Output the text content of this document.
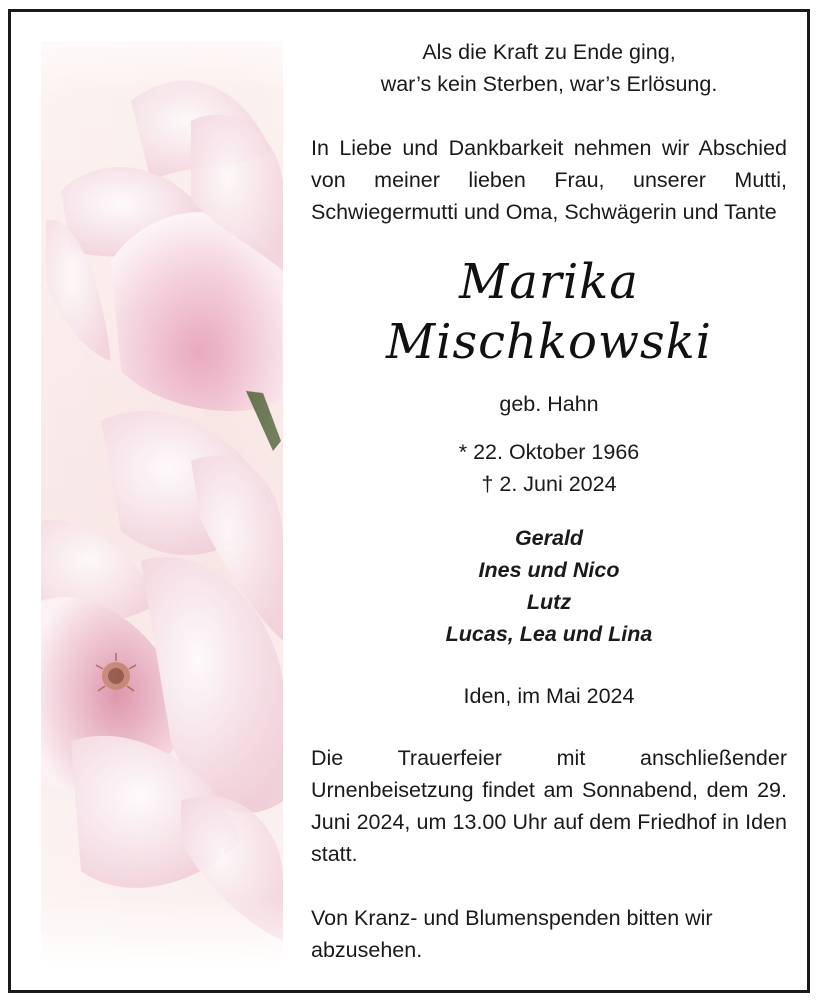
Als die Kraft zu Ende ging,
war’s kein Sterben, war’s Erlösung.
In Liebe und Dankbarkeit nehmen wir Abschied von meiner lieben Frau, unserer Mutti, Schwiegermutti und Oma, Schwägerin und Tante
Marika Mischkowski
geb. Hahn
* 22. Oktober 1966
† 2. Juni 2024
Gerald
Ines und Nico
Lutz
Lucas, Lea und Lina
Iden, im Mai 2024
Die Trauerfeier mit anschließender Urnenbeisetzung findet am Sonnabend, dem 29. Juni 2024, um 13.00 Uhr auf dem Friedhof in Iden statt.
Von Kranz- und Blumenspenden bitten wir abzusehen.
